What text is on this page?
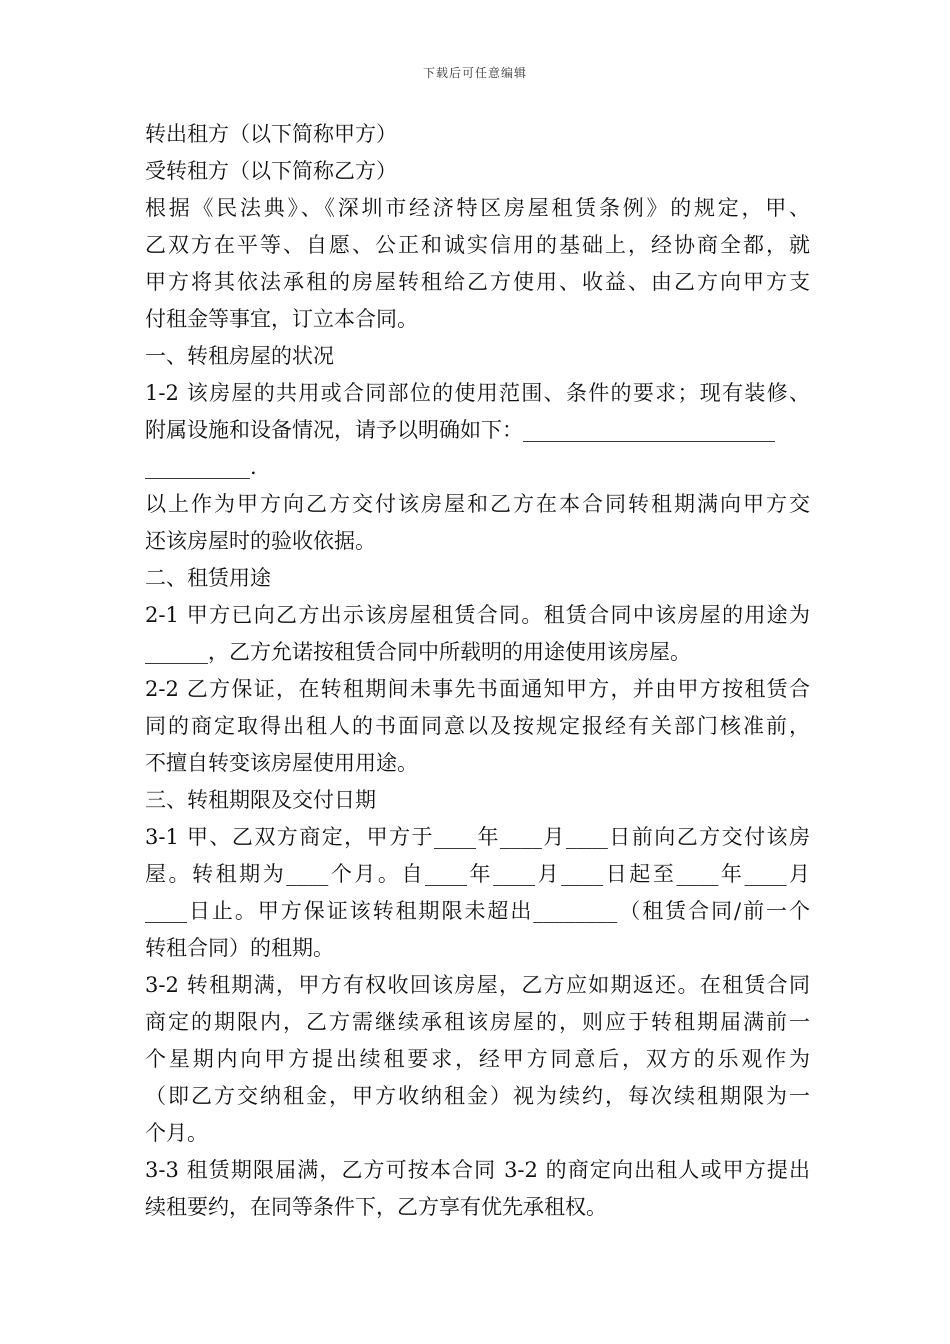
下载后可任意编辑
转出租方（以下简称甲方）
受转租方（以下简称乙方）
根据《民法典》、《深圳市经济特区房屋租赁条例》的规定，甲、
乙双方在平等、自愿、公正和诚实信用的基础上，经协商全都，就
甲方将其依法承租的房屋转租给乙方使用、收益、由乙方向甲方支
付租金等事宜，订立本合同。
一、转租房屋的状况
1-2 该房屋的共用或合同部位的使用范围、条件的要求；现有装修、
附属设施和设备情况，请予以明确如下：________________________
__________.
以上作为甲方向乙方交付该房屋和乙方在本合同转租期满向甲方交
还该房屋时的验收依据。
二、租赁用途
2-1 甲方已向乙方出示该房屋租赁合同。租赁合同中该房屋的用途为
______，乙方允诺按租赁合同中所载明的用途使用该房屋。
2-2 乙方保证，在转租期间未事先书面通知甲方，并由甲方按租赁合
同的商定取得出租人的书面同意以及按规定报经有关部门核准前，
不擅自转变该房屋使用用途。
三、转租期限及交付日期
3-1 甲、乙双方商定，甲方于____年____月____日前向乙方交付该房
屋。转租期为____个月。自____年____月____日起至____年____月
____日止。甲方保证该转租期限未超出________（租赁合同/前一个
转租合同）的租期。
3-2 转租期满，甲方有权收回该房屋，乙方应如期返还。在租赁合同
商定的期限内，乙方需继续承租该房屋的，则应于转租期届满前一
个星期内向甲方提出续租要求，经甲方同意后，双方的乐观作为
（即乙方交纳租金，甲方收纳租金）视为续约，每次续租期限为一
个月。
3-3 租赁期限届满，乙方可按本合同 3-2 的商定向出租人或甲方提出
续租要约，在同等条件下，乙方享有优先承租权。
